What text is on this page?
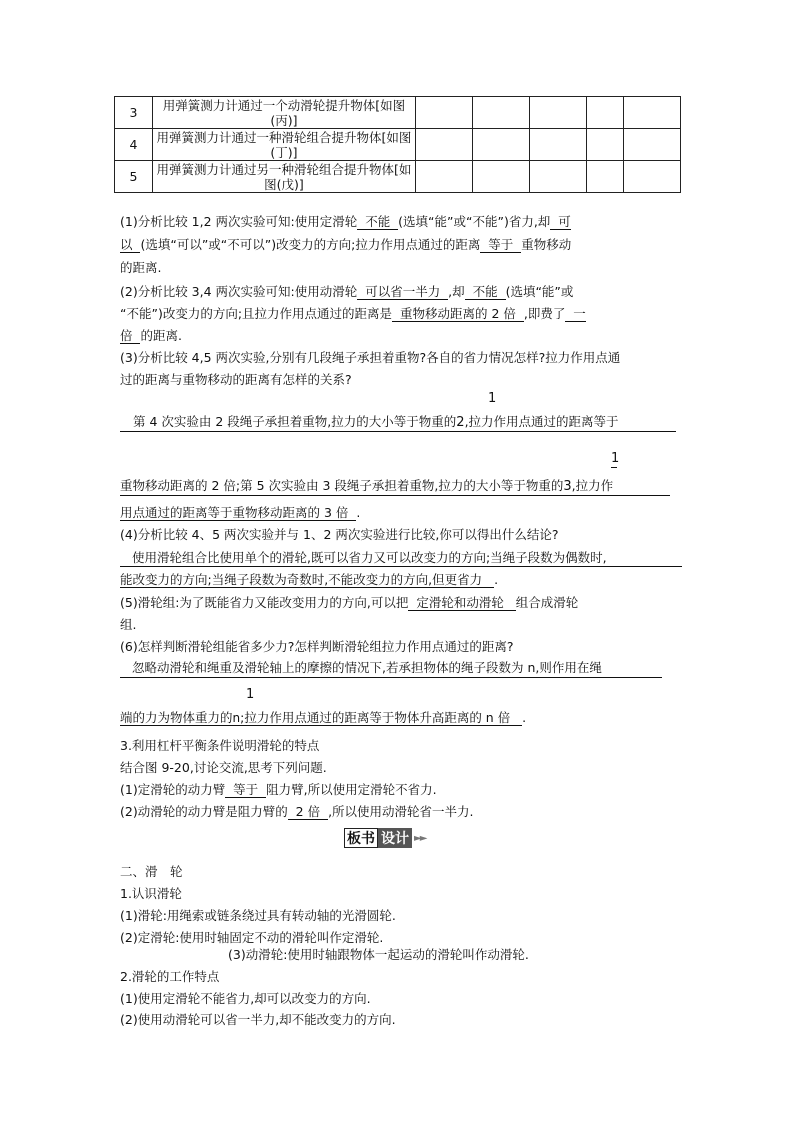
3	用弹簧测力计通过一个动滑轮提升物体[如图(丙)]					
4	用弹簧测力计通过一种滑轮组合提升物体[如图(丁)]					
5	用弹簧测力计通过另一种滑轮组合提升物体[如图(戊)]					
(1)分析比较 1,2 两次实验可知:使用定滑轮 不能 (选填“能”或“不能”)省力,却 可
以 (选填“可以”或“不可以”)改变力的方向;拉力作用点通过的距离 等于 重物移动
的距离.
(2)分析比较 3,4 两次实验可知:使用动滑轮 可以省一半力 ,却 不能 (选填“能”或
“不能”)改变力的方向;且拉力作用点通过的距离是 重物移动距离的 2 倍 ,即费了 一
倍 的距离.
(3)分析比较 4,5 两次实验,分别有几段绳子承担着重物?各自的省力情况怎样?拉力作用点通
过的距离与重物移动的距离有怎样的关系?
1
第 4 次实验由 2 段绳子承担着重物,拉力的大小等于物重的2,拉力作用点通过的距离等于
1
重物移动距离的 2 倍;第 5 次实验由 3 段绳子承担着重物,拉力的大小等于物重的3,拉力作
用点通过的距离等于重物移动距离的 3 倍 .
(4)分析比较 4、5 两次实验并与 1、2 两次实验进行比较,你可以得出什么结论?
使用滑轮组合比使用单个的滑轮,既可以省力又可以改变力的方向;当绳子段数为偶数时,
能改变力的方向;当绳子段数为奇数时,不能改变力的方向,但更省力 .
(5)滑轮组:为了既能省力又能改变用力的方向,可以把 定滑轮和动滑轮 组合成滑轮
组.
(6)怎样判断滑轮组能省多少力?怎样判断滑轮组拉力作用点通过的距离?
忽略动滑轮和绳重及滑轮轴上的摩擦的情况下,若承担物体的绳子段数为 n,则作用在绳
1
端的力为物体重力的n;拉力作用点通过的距离等于物体升高距离的 n 倍 .
3.利用杠杆平衡条件说明滑轮的特点
结合图 9-20,讨论交流,思考下列问题.
(1)定滑轮的动力臂 等于 阻力臂,所以使用定滑轮不省力.
(2)动滑轮的动力臂是阻力臂的 2 倍 ,所以使用动滑轮省一半力.
板书 设计 ►►
二、滑　轮
1.认识滑轮
(1)滑轮:用绳索或链条绕过具有转动轴的光滑圆轮.
(2)定滑轮:使用时轴固定不动的滑轮叫作定滑轮.
(3)动滑轮:使用时轴跟物体一起运动的滑轮叫作动滑轮.
2.滑轮的工作特点
(1)使用定滑轮不能省力,却可以改变力的方向.
(2)使用动滑轮可以省一半力,却不能改变力的方向.
